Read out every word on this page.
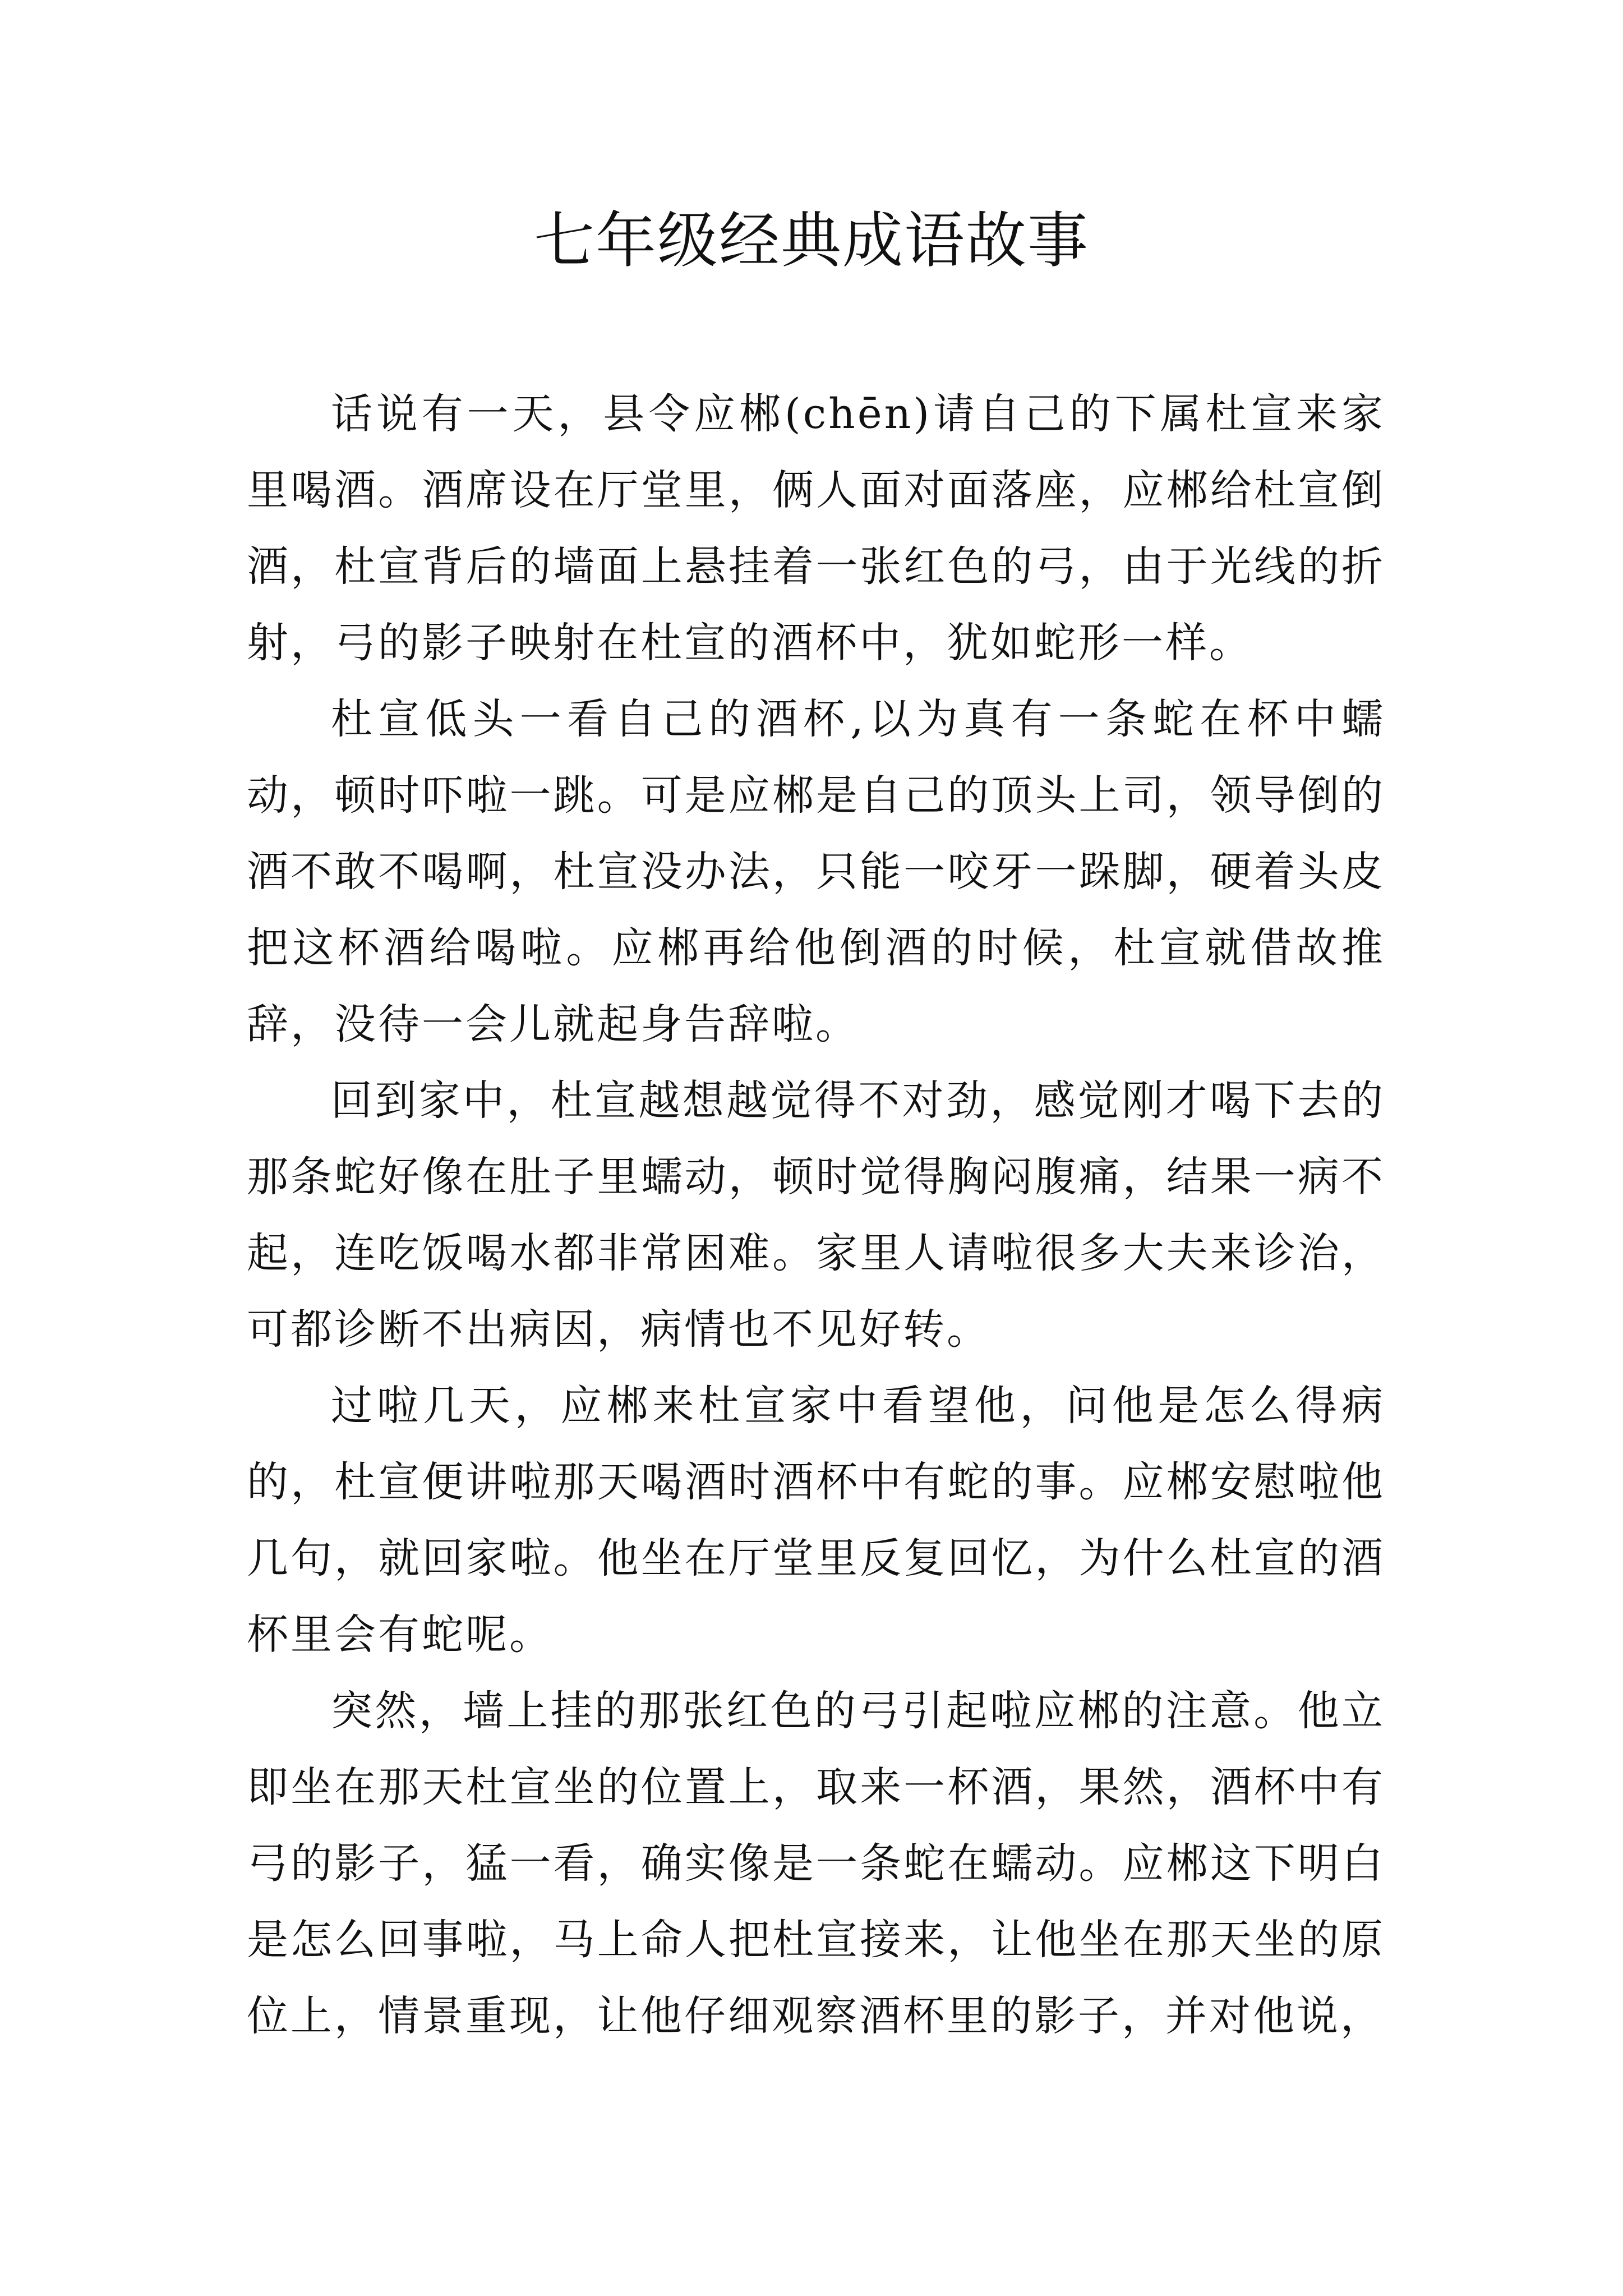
七年级经典成语故事

话说有一天，县令应郴(chēn)请自己的下属杜宣来家里喝酒。酒席设在厅堂里，俩人面对面落座，应郴给杜宣倒酒，杜宣背后的墙面上悬挂着一张红色的弓，由于光线的折射，弓的影子映射在杜宣的酒杯中，犹如蛇形一样。

杜宣低头一看自己的酒杯,以为真有一条蛇在杯中蠕动，顿时吓啦一跳。可是应郴是自己的顶头上司，领导倒的酒不敢不喝啊，杜宣没办法，只能一咬牙一跺脚，硬着头皮把这杯酒给喝啦。应郴再给他倒酒的时候，杜宣就借故推辞，没待一会儿就起身告辞啦。

回到家中，杜宣越想越觉得不对劲，感觉刚才喝下去的那条蛇好像在肚子里蠕动，顿时觉得胸闷腹痛，结果一病不起，连吃饭喝水都非常困难。家里人请啦很多大夫来诊治，可都诊断不出病因，病情也不见好转。

过啦几天，应郴来杜宣家中看望他，问他是怎么得病的，杜宣便讲啦那天喝酒时酒杯中有蛇的事。应郴安慰啦他几句，就回家啦。他坐在厅堂里反复回忆，为什么杜宣的酒杯里会有蛇呢。

突然，墙上挂的那张红色的弓引起啦应郴的注意。他立即坐在那天杜宣坐的位置上，取来一杯酒，果然，酒杯中有弓的影子，猛一看，确实像是一条蛇在蠕动。应郴这下明白是怎么回事啦，马上命人把杜宣接来，让他坐在那天坐的原位上，情景重现，让他仔细观察酒杯里的影子，并对他说，
